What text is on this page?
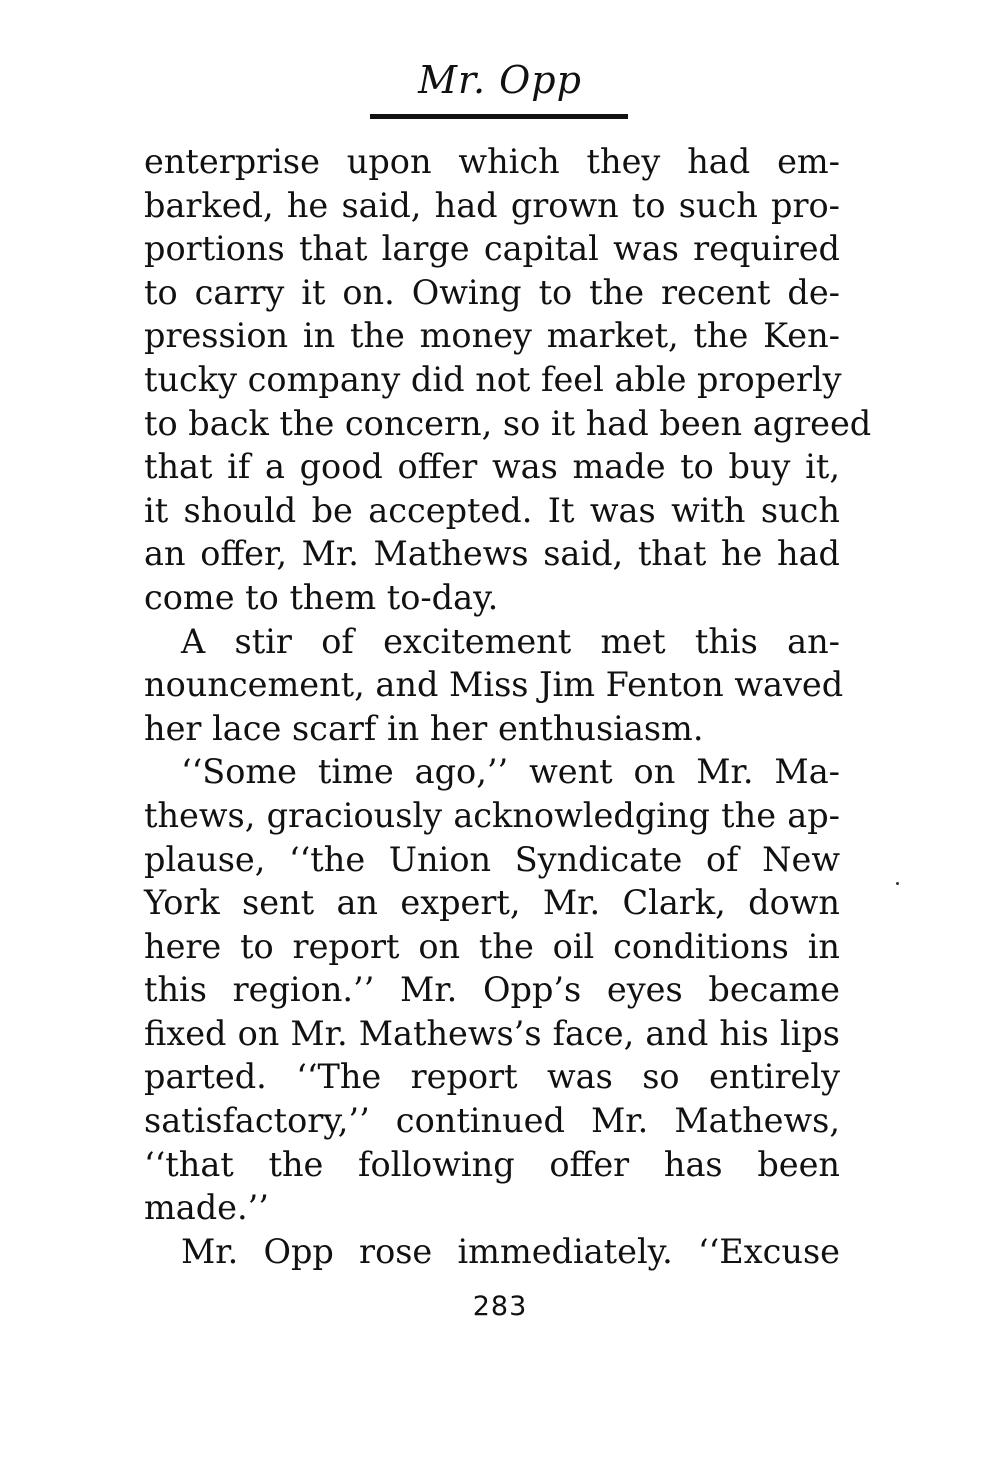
Mr. Opp
enterprise upon which they had em-
barked, he said, had grown to such pro-
portions that large capital was required
to carry it on. Owing to the recent de-
pression in the money market, the Ken-
tucky company did not feel able properly
to back the concern, so it had been agreed
that if a good offer was made to buy it,
it should be accepted. It was with such
an offer, Mr. Mathews said, that he had
come to them to-day.
A stir of excitement met this an-
nouncement, and Miss Jim Fenton waved
her lace scarf in her enthusiasm.
‘‘Some time ago,’’ went on Mr. Ma-
thews, graciously acknowledging the ap-
plause, ‘‘the Union Syndicate of New
York sent an expert, Mr. Clark, down
here to report on the oil conditions in
this region.’’ Mr. Opp’s eyes became
fixed on Mr. Mathews’s face, and his lips
parted. ‘‘The report was so entirely
satisfactory,’’ continued Mr. Mathews,
‘‘that the following offer has been
made.’’
Mr. Opp rose immediately. ‘‘Excuse
283
